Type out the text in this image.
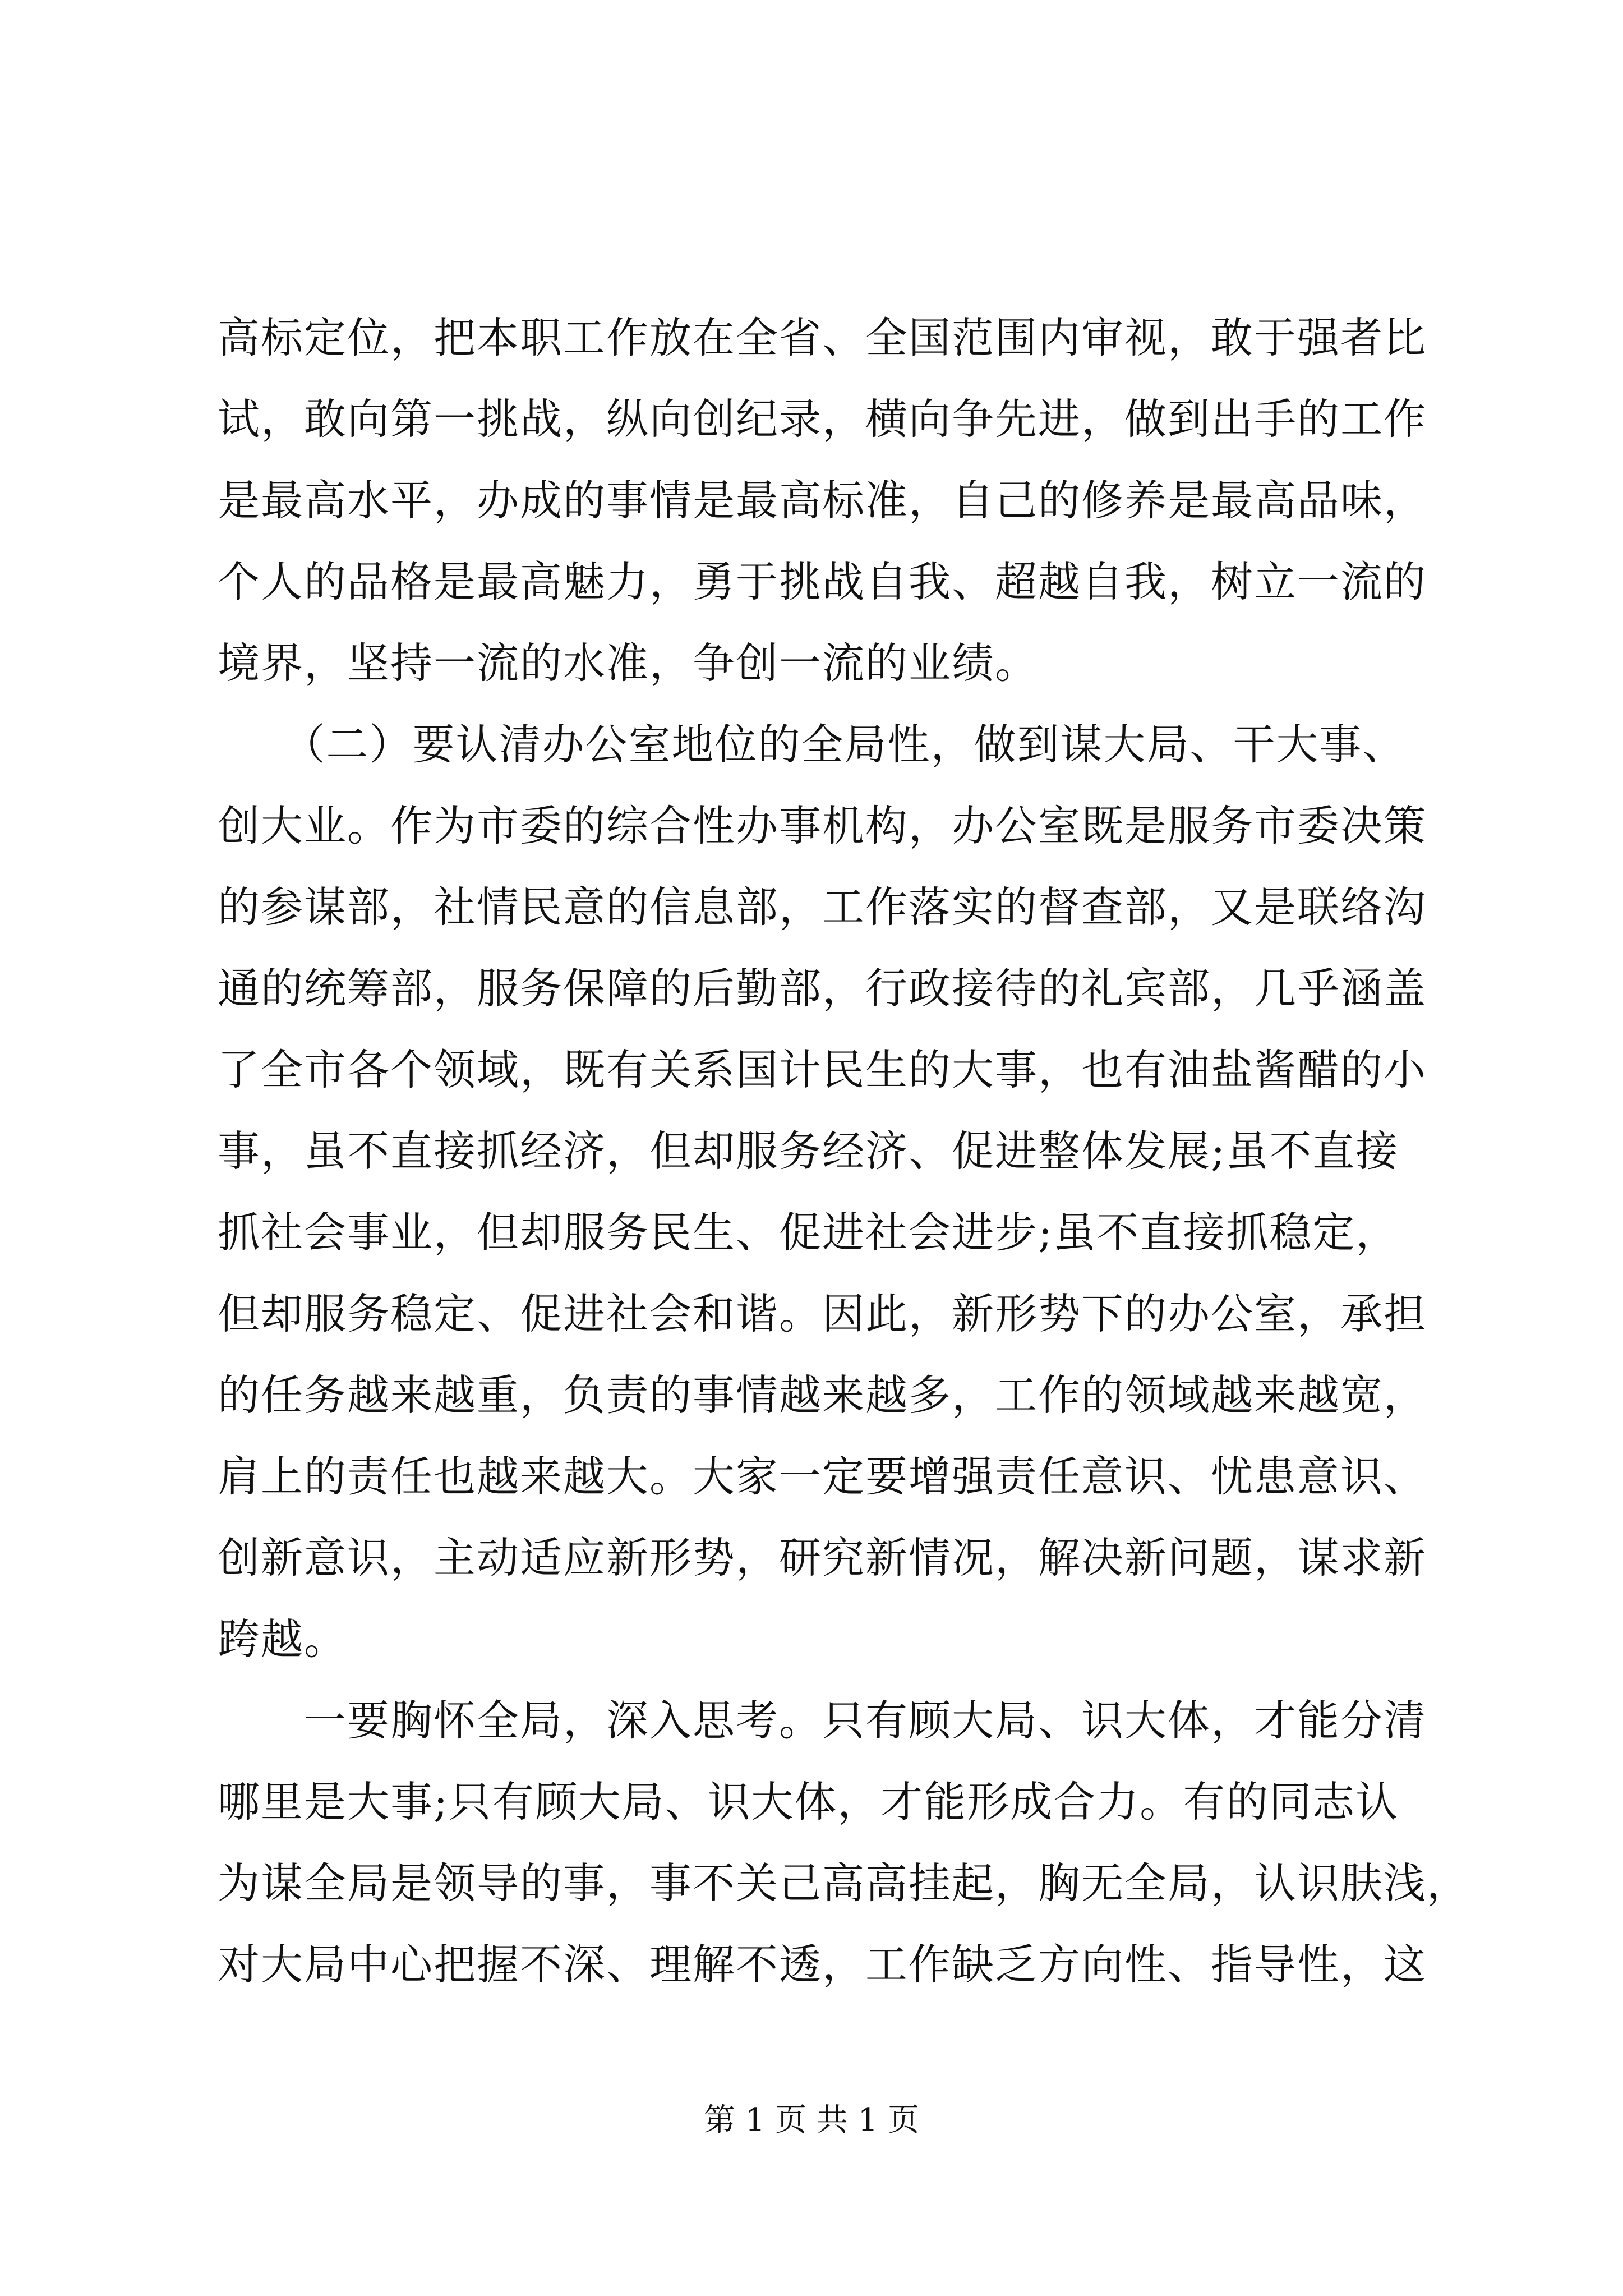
高标定位，把本职工作放在全省、全国范围内审视，敢于强者比
试，敢向第一挑战，纵向创纪录，横向争先进，做到出手的工作
是最高水平，办成的事情是最高标准，自己的修养是最高品味，
个人的品格是最高魅力，勇于挑战自我、超越自我，树立一流的
境界，坚持一流的水准，争创一流的业绩。
　　（二）要认清办公室地位的全局性，做到谋大局、干大事、
创大业。作为市委的综合性办事机构，办公室既是服务市委决策
的参谋部，社情民意的信息部，工作落实的督查部，又是联络沟
通的统筹部，服务保障的后勤部，行政接待的礼宾部，几乎涵盖
了全市各个领域，既有关系国计民生的大事，也有油盐酱醋的小
事，虽不直接抓经济，但却服务经济、促进整体发展;虽不直接
抓社会事业，但却服务民生、促进社会进步;虽不直接抓稳定，
但却服务稳定、促进社会和谐。因此，新形势下的办公室，承担
的任务越来越重，负责的事情越来越多，工作的领域越来越宽，
肩上的责任也越来越大。大家一定要增强责任意识、忧患意识、
创新意识，主动适应新形势，研究新情况，解决新问题，谋求新
跨越。
　　一要胸怀全局，深入思考。只有顾大局、识大体，才能分清
哪里是大事;只有顾大局、识大体，才能形成合力。有的同志认
为谋全局是领导的事，事不关己高高挂起，胸无全局，认识肤浅，
对大局中心把握不深、理解不透，工作缺乏方向性、指导性，这
第 1 页 共 1 页
